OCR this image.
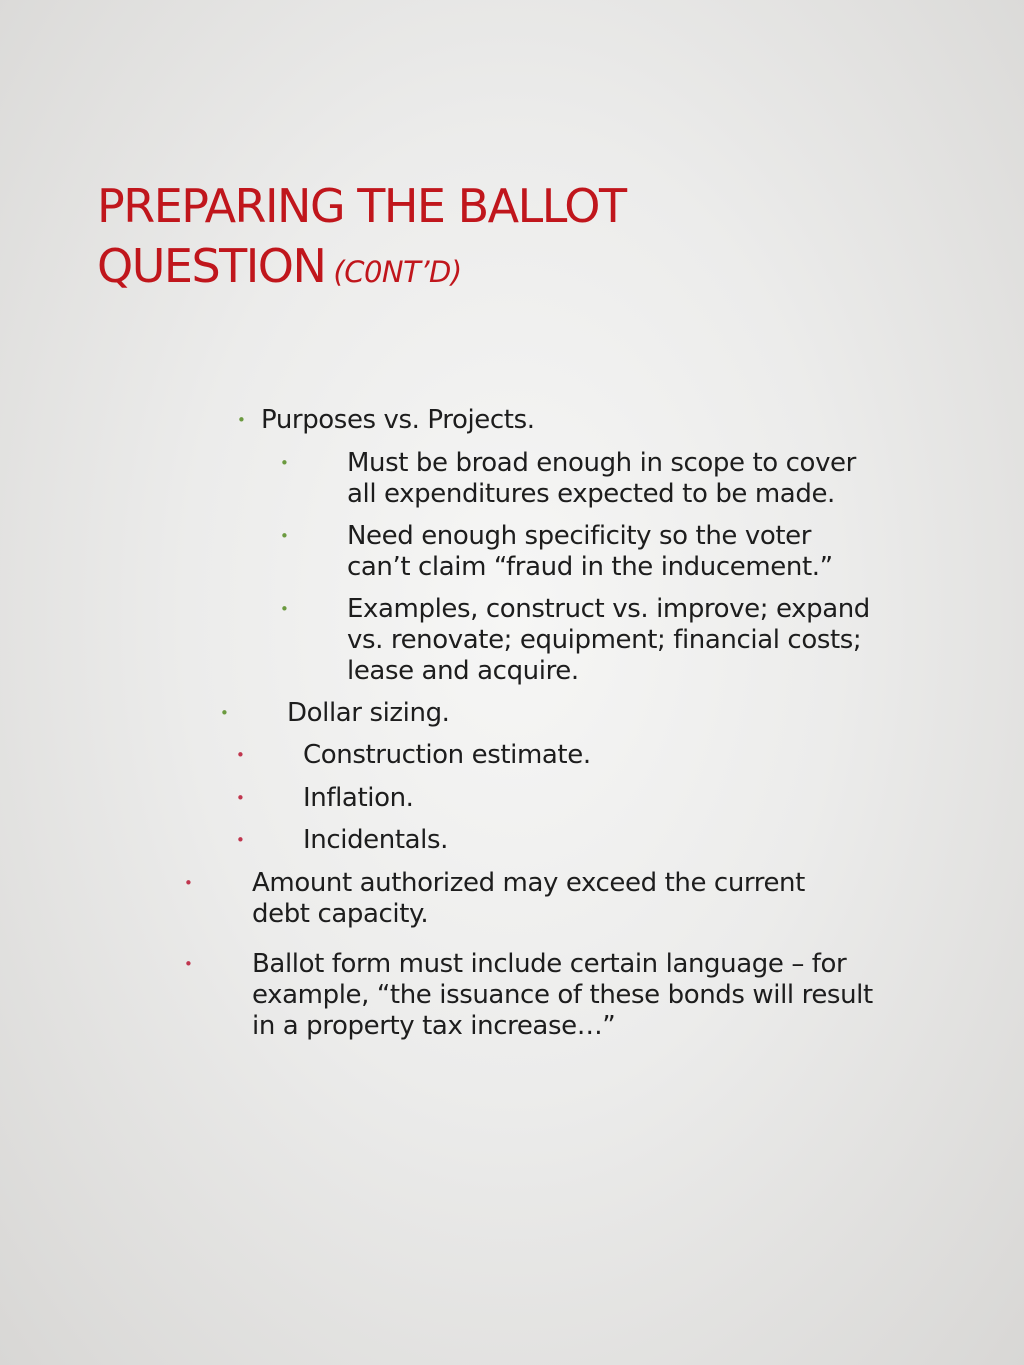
PREPARING THE BALLOT
QUESTION (C0NT’D)
• Purposes vs. Projects.
• Must be broad enough in scope to cover all expenditures expected to be made.
• Need enough specificity so the voter can’t claim “fraud in the inducement.”
• Examples, construct vs. improve; expand vs. renovate; equipment; financial costs; lease and acquire.
• Dollar sizing.
• Construction estimate.
• Inflation.
• Incidentals.
• Amount authorized may exceed the current debt capacity.
• Ballot form must include certain language – for example, “the issuance of these bonds will result in a property tax increase…”
